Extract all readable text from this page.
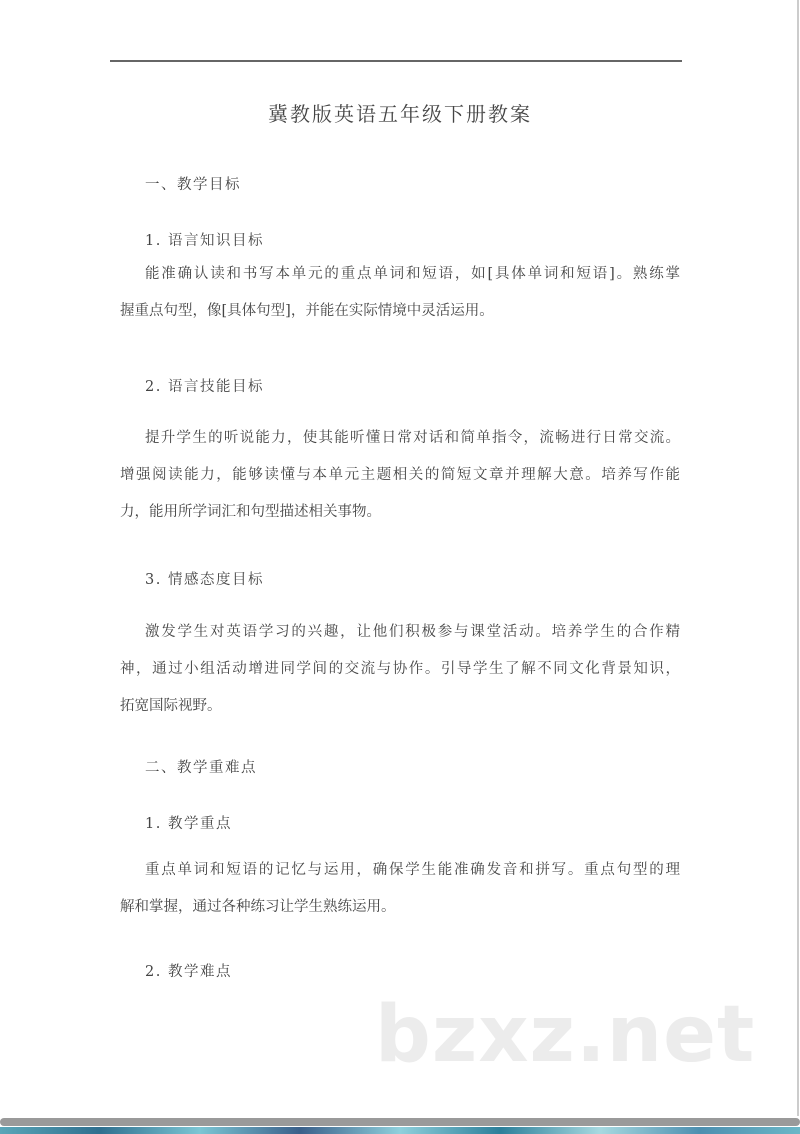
冀教版英语五年级下册教案
一、教学目标
1. 语言知识目标
能准确认读和书写本单元的重点单词和短语，如[具体单词和短语]。熟练掌
握重点句型，像[具体句型]，并能在实际情境中灵活运用。
2. 语言技能目标
提升学生的听说能力，使其能听懂日常对话和简单指令，流畅进行日常交流。
增强阅读能力，能够读懂与本单元主题相关的简短文章并理解大意。培养写作能
力，能用所学词汇和句型描述相关事物。
3. 情感态度目标
激发学生对英语学习的兴趣，让他们积极参与课堂活动。培养学生的合作精
神，通过小组活动增进同学间的交流与协作。引导学生了解不同文化背景知识，
拓宽国际视野。
二、教学重难点
1. 教学重点
重点单词和短语的记忆与运用，确保学生能准确发音和拼写。重点句型的理
解和掌握，通过各种练习让学生熟练运用。
2. 教学难点
bzxz.net
